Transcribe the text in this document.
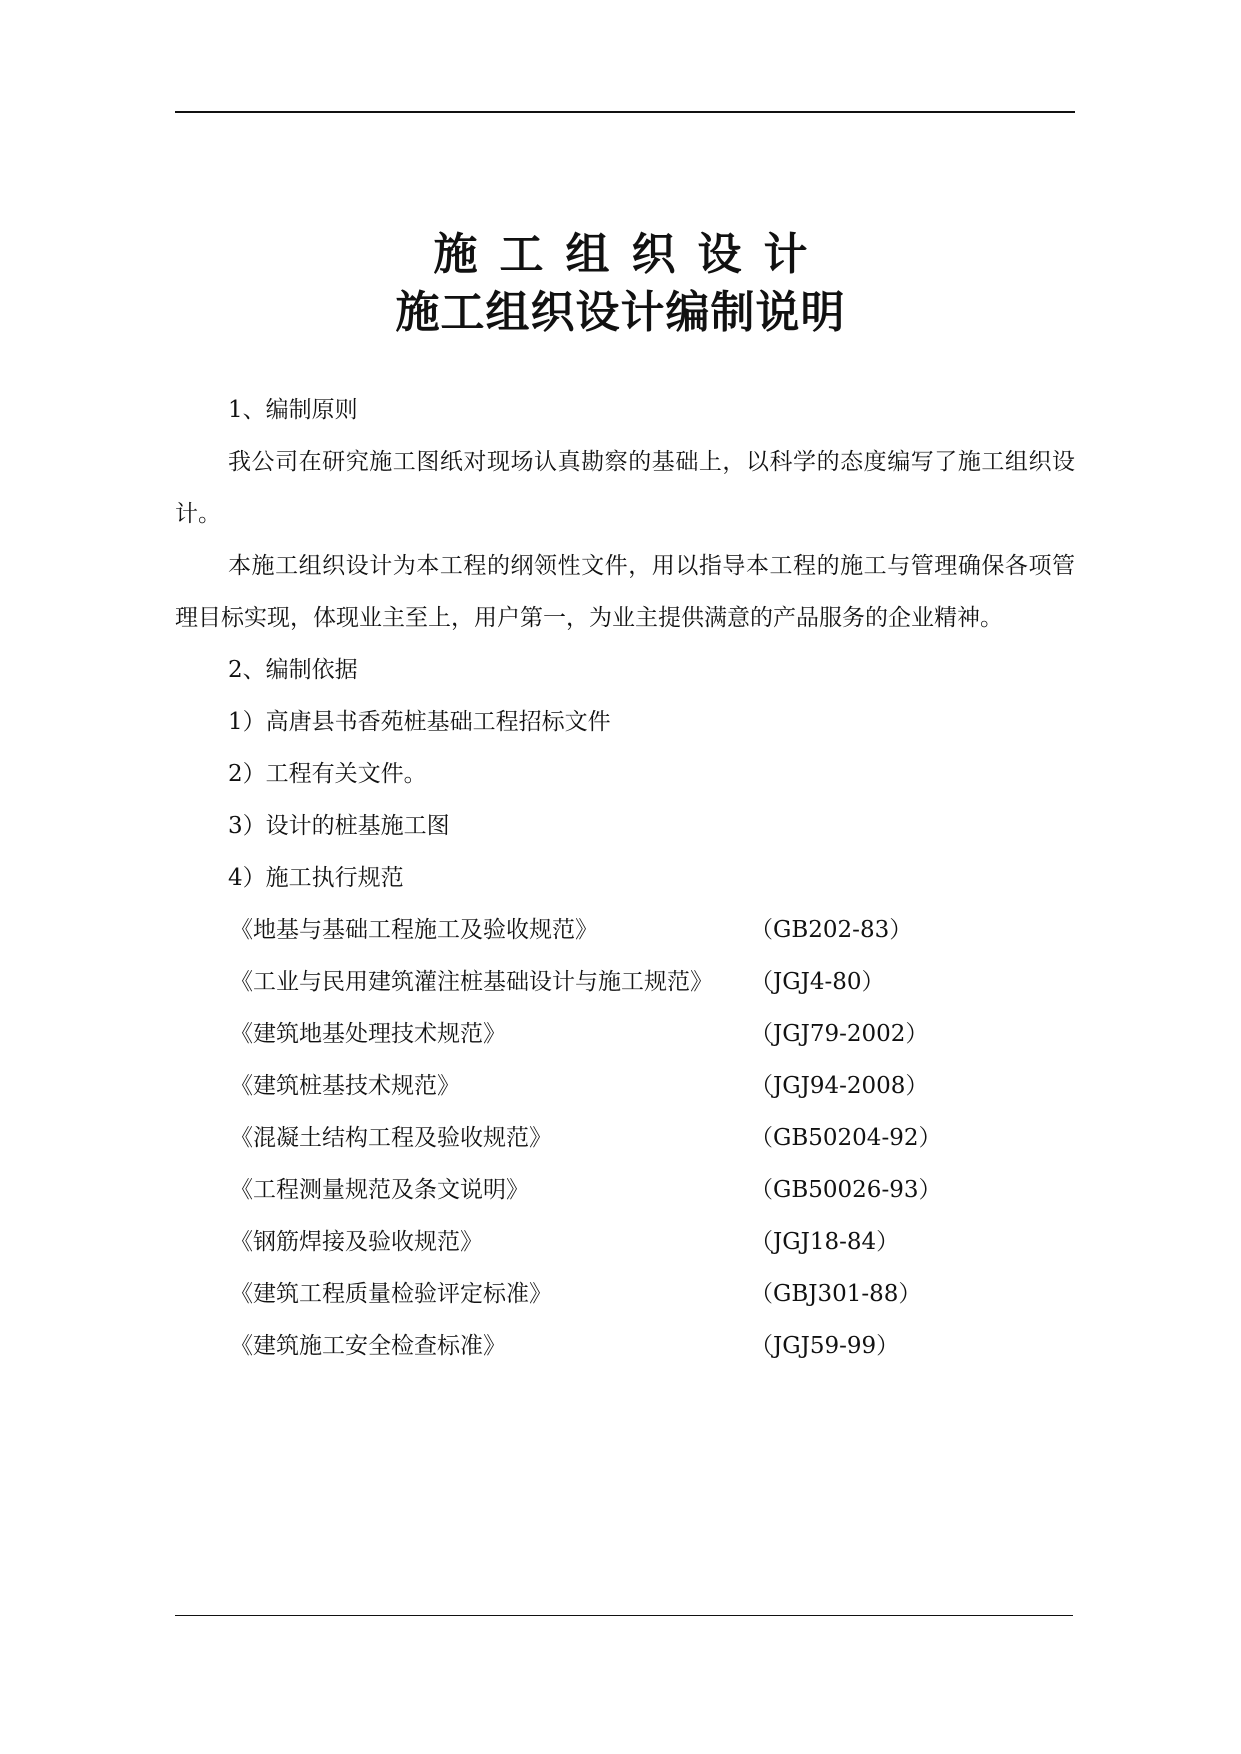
施工组织设计
施工组织设计编制说明

1、编制原则

我公司在研究施工图纸对现场认真勘察的基础上，以科学的态度编写了施工组织设计。

本施工组织设计为本工程的纲领性文件，用以指导本工程的施工与管理确保各项管理目标实现，体现业主至上，用户第一，为业主提供满意的产品服务的企业精神。

2、编制依据

1）高唐县书香苑桩基础工程招标文件

2）工程有关文件。

3）设计的桩基施工图

4）施工执行规范

《地基与基础工程施工及验收规范》	（GB202-83）
《工业与民用建筑灌注桩基础设计与施工规范》 （JGJ4-80）
《建筑地基处理技术规范》	（JGJ79-2002）
《建筑桩基技术规范》	（JGJ94-2008）
《混凝土结构工程及验收规范》	（GB50204-92）
《工程测量规范及条文说明》	（GB50026-93）
《钢筋焊接及验收规范》	（JGJ18-84）
《建筑工程质量检验评定标准》	（GBJ301-88）
《建筑施工安全检查标准》	（JGJ59-99）
